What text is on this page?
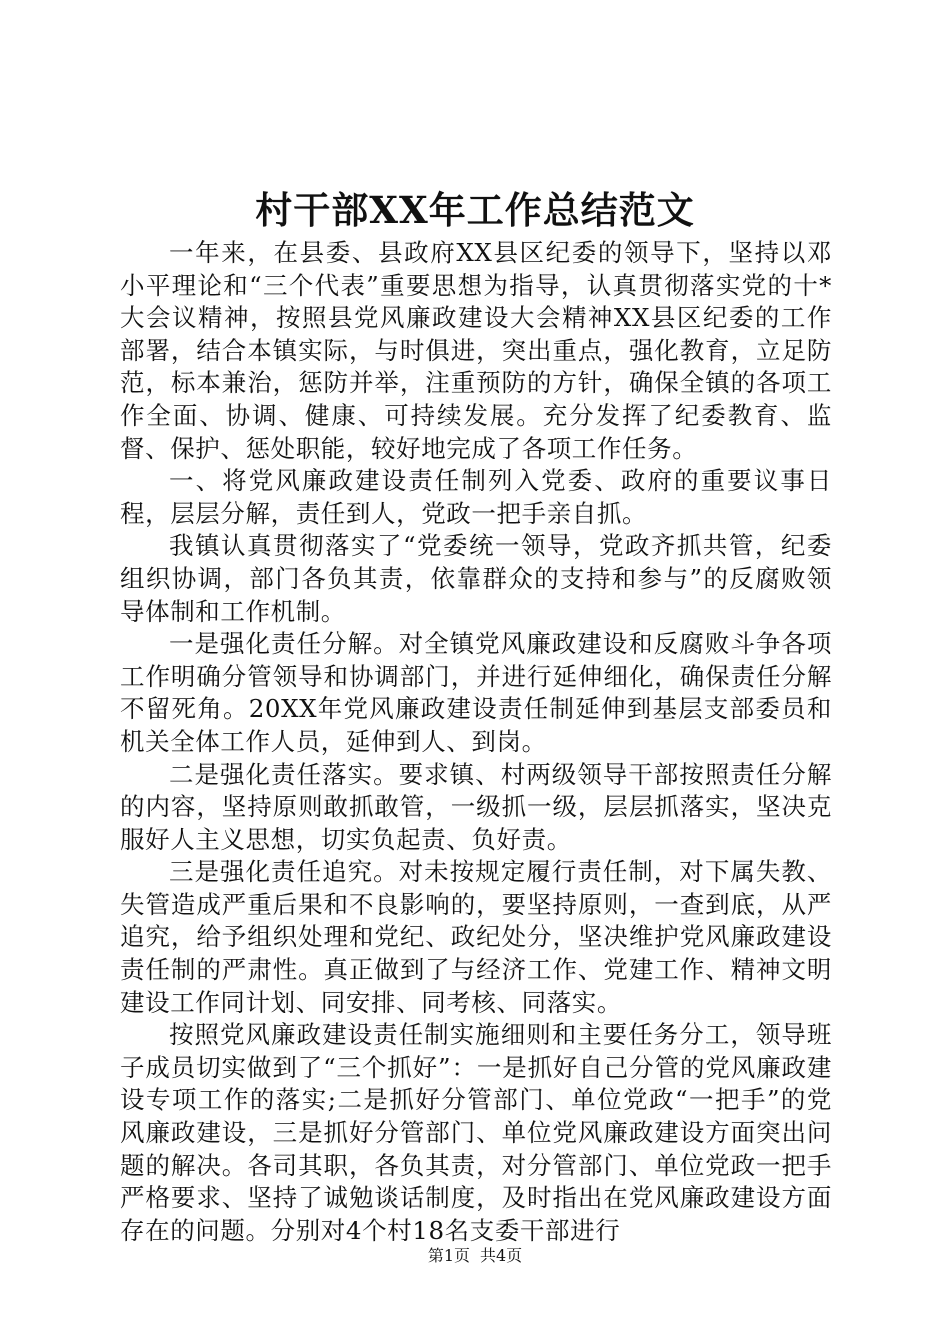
村干部XX年工作总结范文

一年来，在县委、县政府XX县区纪委的领导下，坚持以邓小平理论和“三个代表”重要思想为指导，认真贯彻落实党的十*大会议精神，按照县党风廉政建设大会精神XX县区纪委的工作部署，结合本镇实际，与时俱进，突出重点，强化教育，立足防范，标本兼治，惩防并举，注重预防的方针，确保全镇的各项工作全面、协调、健康、可持续发展。充分发挥了纪委教育、监督、保护、惩处职能，较好地完成了各项工作任务。

一、将党风廉政建设责任制列入党委、政府的重要议事日程，层层分解，责任到人，党政一把手亲自抓。

我镇认真贯彻落实了“党委统一领导，党政齐抓共管，纪委组织协调，部门各负其责，依靠群众的支持和参与”的反腐败领导体制和工作机制。

一是强化责任分解。对全镇党风廉政建设和反腐败斗争各项工作明确分管领导和协调部门，并进行延伸细化，确保责任分解不留死角。20XX年党风廉政建设责任制延伸到基层支部委员和机关全体工作人员，延伸到人、到岗。

二是强化责任落实。要求镇、村两级领导干部按照责任分解的内容，坚持原则敢抓敢管，一级抓一级，层层抓落实，坚决克服好人主义思想，切实负起责、负好责。

三是强化责任追究。对未按规定履行责任制，对下属失教、失管造成严重后果和不良影响的，要坚持原则，一查到底，从严追究，给予组织处理和党纪、政纪处分，坚决维护党风廉政建设责任制的严肃性。真正做到了与经济工作、党建工作、精神文明建设工作同计划、同安排、同考核、同落实。

按照党风廉政建设责任制实施细则和主要任务分工，领导班子成员切实做到了“三个抓好”：一是抓好自己分管的党风廉政建设专项工作的落实;二是抓好分管部门、单位党政“一把手”的党风廉政建设，三是抓好分管部门、单位党风廉政建设方面突出问题的解决。各司其职，各负其责，对分管部门、单位党政一把手严格要求、坚持了诚勉谈话制度，及时指出在党风廉政建设方面存在的问题。分别对4个村18名支委干部进行

第1页 共4页
